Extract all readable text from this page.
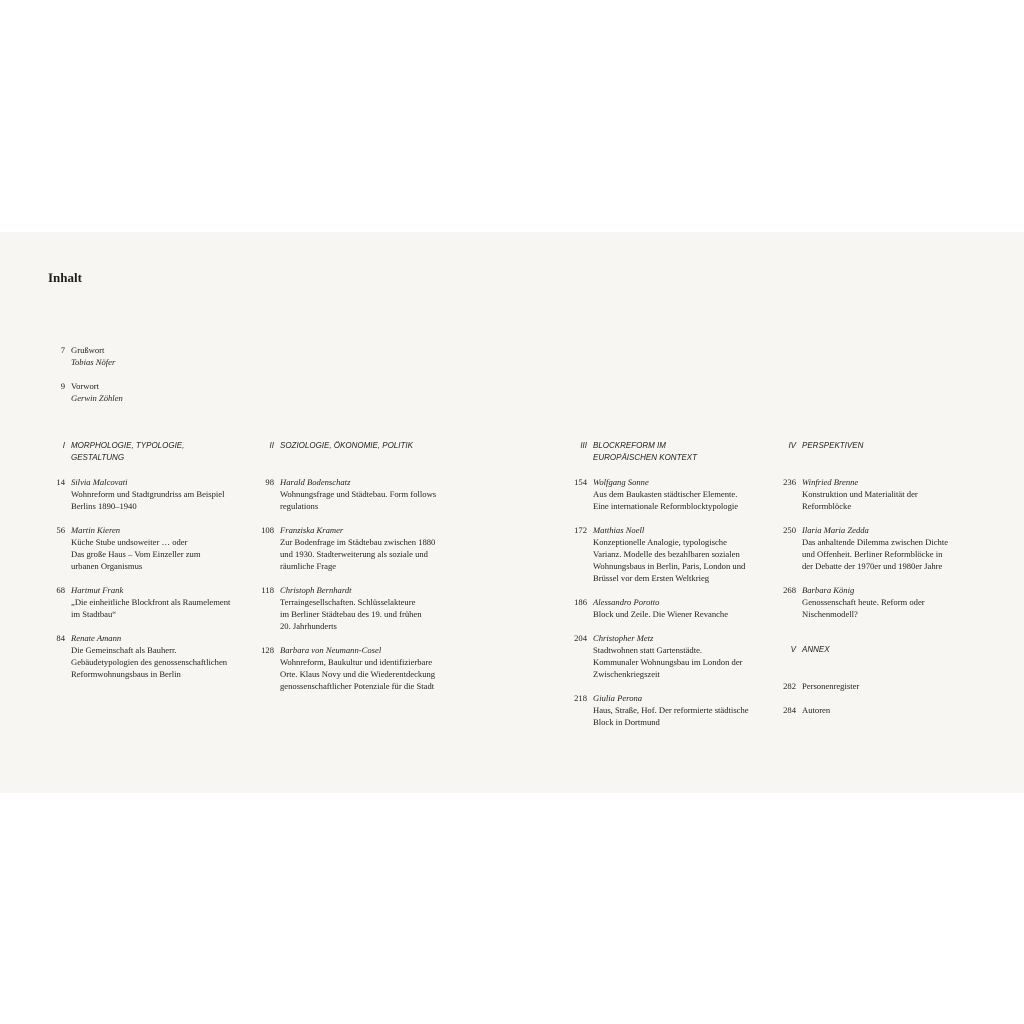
Inhalt
7 Grußwort
Tobias Nöfer
9 Vorwort
Gerwin Zöhlen
I MORPHOLOGIE, TYPOLOGIE,
GESTALTUNG
14 Silvia Malcovati
Wohnreform und Stadtgrundriss am Beispiel
Berlins 1890–1940
56 Martin Kieren
Küche Stube undsoweiter … oder
Das große Haus – Vom Einzeller zum
urbanen Organismus
68 Hartmut Frank
„Die einheitliche Blockfront als Raumelement
im Stadtbau“
84 Renate Amann
Die Gemeinschaft als Bauherr.
Gebäudetypologien des genossenschaftlichen
Reformwohnungsbaus in Berlin
II SOZIOLOGIE, ÖKONOMIE, POLITIK
98 Harald Bodenschatz
Wohnungsfrage und Städtebau. Form follows
regulations
108 Franziska Kramer
Zur Bodenfrage im Städtebau zwischen 1880
und 1930. Stadterweiterung als soziale und
räumliche Frage
118 Christoph Bernhardt
Terraingesellschaften. Schlüsselakteure
im Berliner Städtebau des 19. und frühen
20. Jahrhunderts
128 Barbara von Neumann-Cosel
Wohnreform, Baukultur und identifizierbare
Orte. Klaus Novy und die Wiederentdeckung
genossenschaftlicher Potenziale für die Stadt
III BLOCKREFORM IM
EUROPÄISCHEN KONTEXT
154 Wolfgang Sonne
Aus dem Baukasten städtischer Elemente.
Eine internationale Reformblocktypologie
172 Matthias Noell
Konzeptionelle Analogie, typologische
Varianz. Modelle des bezahlbaren sozialen
Wohnungsbaus in Berlin, Paris, London und
Brüssel vor dem Ersten Weltkrieg
186 Alessandro Porotto
Block und Zeile. Die Wiener Revanche
204 Christopher Metz
Stadtwohnen statt Gartenstädte.
Kommunaler Wohnungsbau im London der
Zwischenkriegszeit
218 Giulia Perona
Haus, Straße, Hof. Der reformierte städtische
Block in Dortmund
IV PERSPEKTIVEN
236 Winfried Brenne
Konstruktion und Materialität der
Reformblöcke
250 Ilaria Maria Zedda
Das anhaltende Dilemma zwischen Dichte
und Offenheit. Berliner Reformblöcke in
der Debatte der 1970er und 1980er Jahre
268 Barbara König
Genossenschaft heute. Reform oder
Nischenmodell?
V ANNEX
282 Personenregister
284 Autoren
